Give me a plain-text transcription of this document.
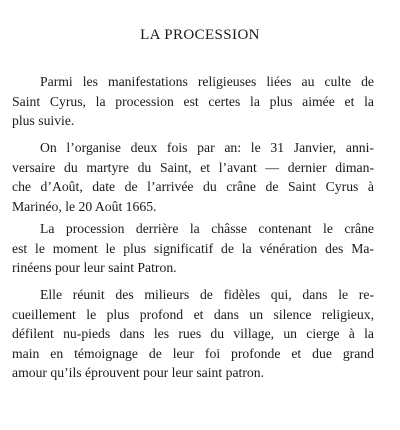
LA PROCESSION
Parmi les manifestations religieuses liées au culte de
Saint Cyrus, la procession est certes la plus aimée et la
plus suivie.
On l’organise deux fois par an: le 31 Janvier, anni-
versaire du martyre du Saint, et l’avant — dernier diman-
che d’Août, date de l’arrivée du crâne de Saint Cyrus à
Marinéo, le 20 Août 1665.
La procession derrière la châsse contenant le crâne
est le moment le plus significatif de la vénération des Ma-
rinéens pour leur saint Patron.
Elle réunit des milieurs de fidèles qui, dans le re-
cueillement le plus profond et dans un silence religieux,
défilent nu-pieds dans les rues du village, un cierge à la
main en témoignage de leur foi profonde et due grand
amour qu’ils éprouvent pour leur saint patron.
